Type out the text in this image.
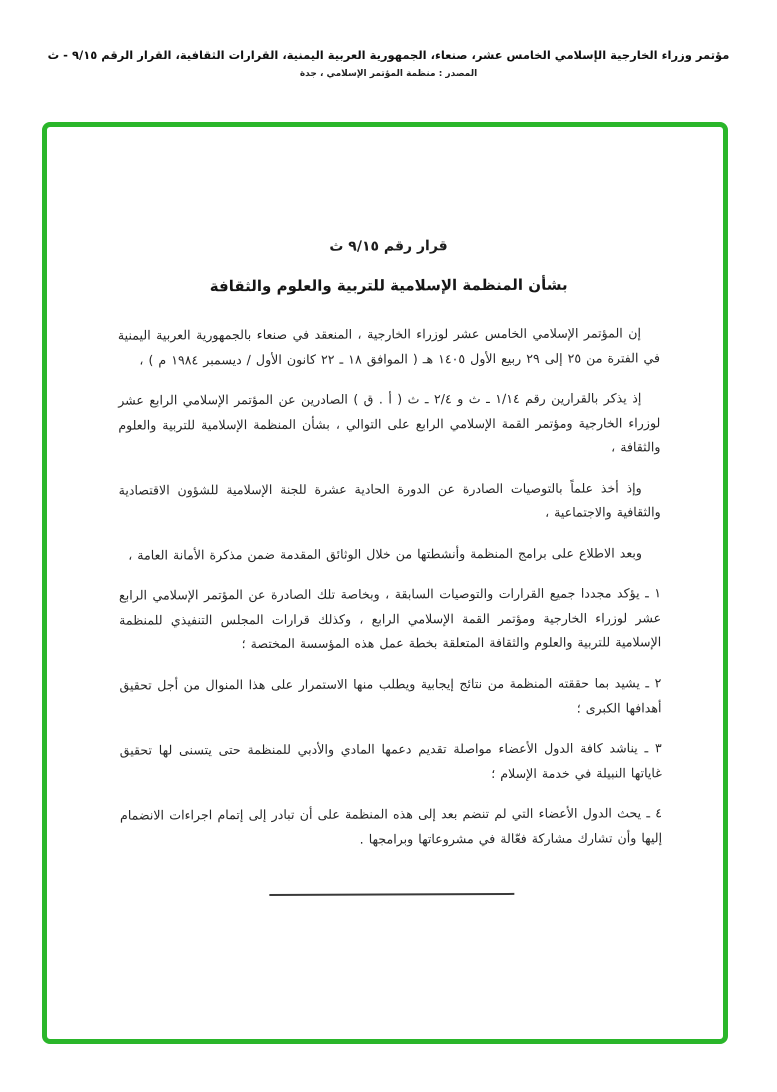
مؤتمر وزراء الخارجية الإسلامي الخامس عشر، صنعاء، الجمهورية العربية اليمنية، القرارات الثقافية، القرار الرقم ٩/١٥ - ث
المصدر : منظمة المؤتمر الإسلامي ، جدة
قرار رقم ٩/١٥ ث
بشأن المنظمة الإسلامية للتربية والعلوم والثقافة

إن المؤتمر الإسلامي الخامس عشر لوزراء الخارجية ، المنعقد في صنعاء بالجمهورية العربية اليمنية في الفترة من ٢٥ إلى ٢٩ ربيع الأول ١٤٠٥ هـ ( الموافق ١٨ ـ ٢٢ كانون الأول / ديسمبر ١٩٨٤ م ) ،

إذ يذكر بالقرارين رقم ١/١٤ ـ ث و ٢/٤ ـ ث ( أ . ق ) الصادرين عن المؤتمر الإسلامي الرابع عشر لوزراء الخارجية ومؤتمر القمة الإسلامي الرابع على التوالي ، بشأن المنظمة الإسلامية للتربية والعلوم والثقافة ،

وإذ أخذ علماً بالتوصيات الصادرة عن الدورة الحادية عشرة للجنة الإسلامية للشؤون الاقتصادية والثقافية والاجتماعية ،

وبعد الاطلاع على برامج المنظمة وأنشطتها من خلال الوثائق المقدمة ضمن مذكرة الأمانة العامة ،

١ ـ يؤكد مجددا جميع القرارات والتوصيات السابقة ، وبخاصة تلك الصادرة عن المؤتمر الإسلامي الرابع عشر لوزراء الخارجية ومؤتمر القمة الإسلامي الرابع ، وكذلك قرارات المجلس التنفيذي للمنظمة الإسلامية للتربية والعلوم والثقافة المتعلقة بخطة عمل هذه المؤسسة المختصة ؛

٢ ـ يشيد بما حققته المنظمة من نتائج إيجابية ويطلب منها الاستمرار على هذا المنوال من أجل تحقيق أهدافها الكبرى ؛

٣ ـ يناشد كافة الدول الأعضاء مواصلة تقديم دعمها المادي والأدبي للمنظمة حتى يتسنى لها تحقيق غاياتها النبيلة في خدمة الإسلام ؛

٤ ـ يحث الدول الأعضاء التي لم تنضم بعد إلى هذه المنظمة على أن تبادر إلى إتمام اجراءات الانضمام إليها وأن تشارك مشاركة فعّالة في مشروعاتها وبرامجها .
